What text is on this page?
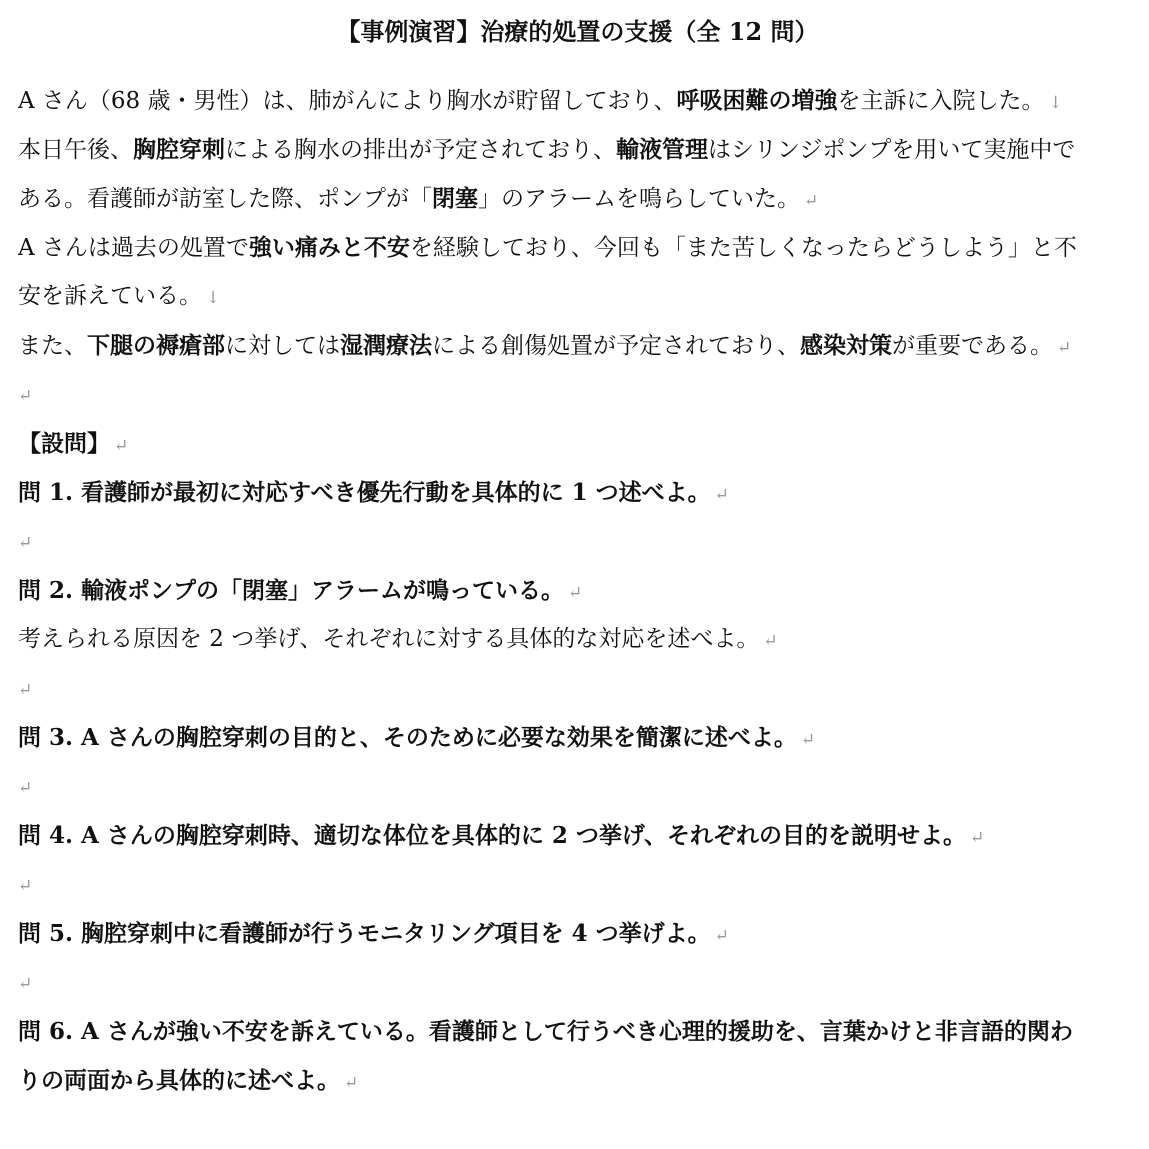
【事例演習】治療的処置の支援（全 12 問）
A さん（68 歳・男性）は、肺がんにより胸水が貯留しており、呼吸困難の増強を主訴に入院した。 ↓
本日午後、胸腔穿刺による胸水の排出が予定されており、輸液管理はシリンジポンプを用いて実施中で
ある。看護師が訪室した際、ポンプが「閉塞」のアラームを鳴らしていた。 ↵
A さんは過去の処置で強い痛みと不安を経験しており、今回も「また苦しくなったらどうしよう」と不
安を訴えている。 ↓
また、下腿の褥瘡部に対しては湿潤療法による創傷処置が予定されており、感染対策が重要である。 ↵
↵
【設問】 ↵
問 1. 看護師が最初に対応すべき優先行動を具体的に 1 つ述べよ。 ↵
↵
問 2. 輸液ポンプの「閉塞」アラームが鳴っている。 ↵
考えられる原因を 2 つ挙げ、それぞれに対する具体的な対応を述べよ。 ↵
↵
問 3. A さんの胸腔穿刺の目的と、そのために必要な効果を簡潔に述べよ。 ↵
↵
問 4. A さんの胸腔穿刺時、適切な体位を具体的に 2 つ挙げ、それぞれの目的を説明せよ。 ↵
↵
問 5. 胸腔穿刺中に看護師が行うモニタリング項目を 4 つ挙げよ。 ↵
↵
問 6. A さんが強い不安を訴えている。看護師として行うべき心理的援助を、言葉かけと非言語的関わ
りの両面から具体的に述べよ。 ↵
